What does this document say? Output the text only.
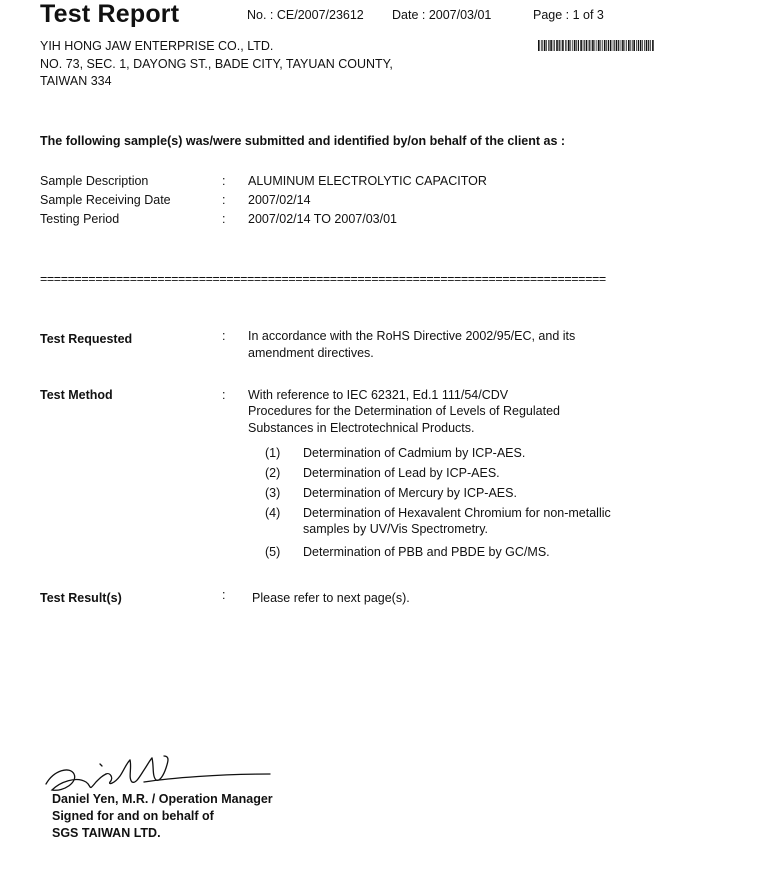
Test Report	No. : CE/2007/23612 Date : 2007/03/01	Page : 1 of 3
YIH HONG JAW ENTERPRISE CO., LTD.
NO. 73, SEC. 1, DAYONG ST., BADE CITY, TAYUAN COUNTY,
TAIWAN 334
The following sample(s) was/were submitted and identified by/on behalf of the client as :
Sample Description	: ALUMINUM ELECTROLYTIC CAPACITOR
Sample Receiving Date	: 2007/02/14
Testing Period	: 2007/02/14 TO 2007/03/01
==================================================================================
Test Requested	: In accordance with the RoHS Directive 2002/95/EC, and its
amendment directives.
Test Method	: With reference to IEC 62321, Ed.1 111/54/CDV
Procedures for the Determination of Levels of Regulated
Substances in Electrotechnical Products.
(1) Determination of Cadmium by ICP-AES.
(2) Determination of Lead by ICP-AES.
(3) Determination of Mercury by ICP-AES.
(4) Determination of Hexavalent Chromium for non-metallic
samples by UV/Vis Spectrometry.
(5) Determination of PBB and PBDE by GC/MS.
Test Result(s)	: Please refer to next page(s).
Daniel Yen, M.R. / Operation Manager
Signed for and on behalf of
SGS TAIWAN LTD.
